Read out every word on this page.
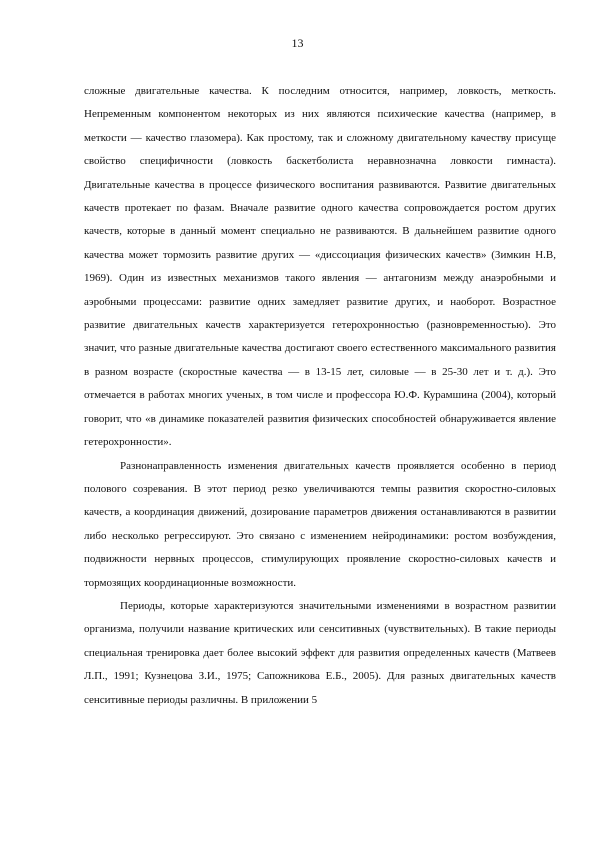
13

сложные двигательные качества. К последним относится, например, ловкость, меткость. Непременным компонентом некоторых из них являются психические качества (например, в меткости — качество глазомера). Как простому, так и сложному двигательному качеству присуще свойство специфичности (ловкость баскетболиста неравнозначна ловкости гимнаста). Двигательные качества в процессе физического воспитания развиваются. Развитие двигательных качеств протекает по фазам. Вначале развитие одного качества сопровождается ростом других качеств, которые в данный момент специально не развиваются. В дальнейшем развитие одного качества может тормозить развитие других — «диссоциация физических качеств» (Зимкин Н.В, 1969). Один из известных механизмов такого явления — антагонизм между анаэробными и аэробными процессами: развитие одних замедляет развитие других, и наоборот. Возрастное развитие двигательных качеств характеризуется гетерохронностью (разновременностью). Это значит, что разные двигательные качества достигают своего естественного максимального развития в разном возрасте (скоростные качества — в 13-15 лет, силовые — в 25-30 лет и т. д.). Это отмечается в работах многих ученых, в том числе и профессора Ю.Ф. Курамшина (2004), который говорит, что «в динамике показателей развития физических способностей обнаруживается явление гетерохронности».

Разнонаправленность изменения двигательных качеств проявляется особенно в период полового созревания. В этот период резко увеличиваются темпы развития скоростно-силовых качеств, а координация движений, дозирование параметров движения останавливаются в развитии либо несколько регрессируют. Это связано с изменением нейродинамики: ростом возбуждения, подвижности нервных процессов, стимулирующих проявление скоростно-силовых качеств и тормозящих координационные возможности.

Периоды, которые характеризуются значительными изменениями в возрастном развитии организма, получили название критических или сенситивных (чувствительных). В такие периоды специальная тренировка дает более высокий эффект для развития определенных качеств (Матвеев Л.П., 1991; Кузнецова З.И., 1975; Сапожникова Е.Б., 2005). Для разных двигательных качеств сенситивные периоды различны. В приложении 5
